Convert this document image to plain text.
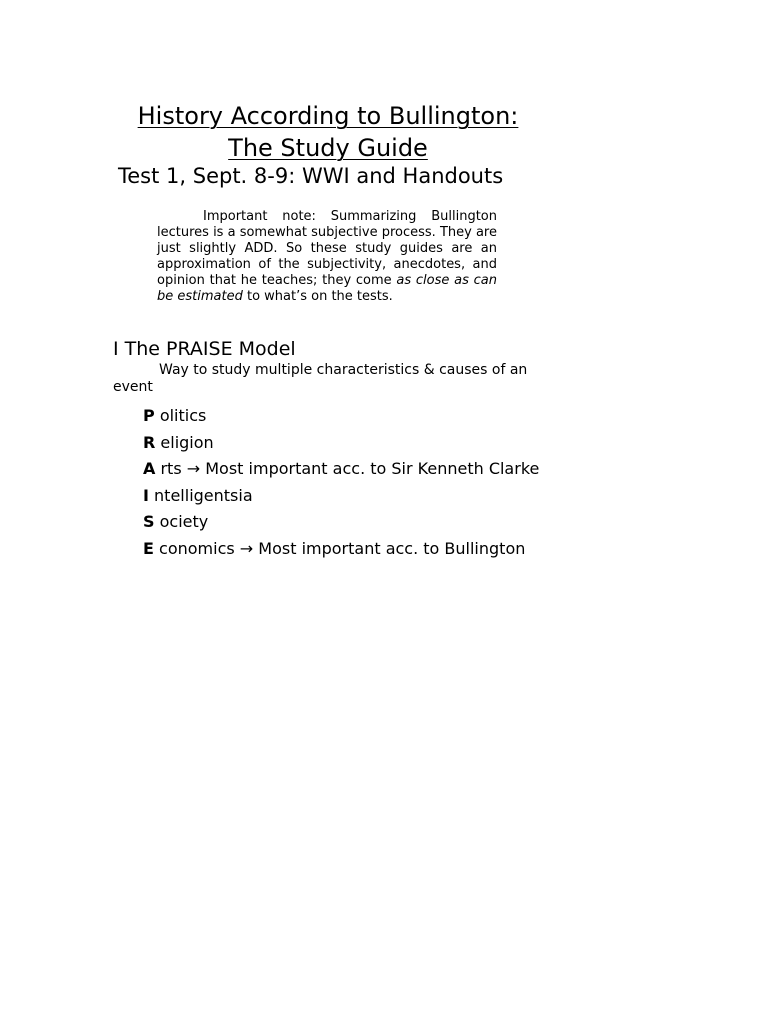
History According to Bullington:
The Study Guide
Test 1, Sept. 8-9: WWI and Handouts
Important note: Summarizing Bullington lectures is a somewhat subjective process. They are just slightly ADD. So these study guides are an approximation of the subjectivity, anecdotes, and opinion that he teaches; they come as close as can be estimated to what’s on the tests.
I The PRAISE Model
Way to study multiple characteristics & causes of an event
P olitics
R eligion
A rts → Most important acc. to Sir Kenneth Clarke
I ntelligentsia
S ociety
E conomics → Most important acc. to Bullington
